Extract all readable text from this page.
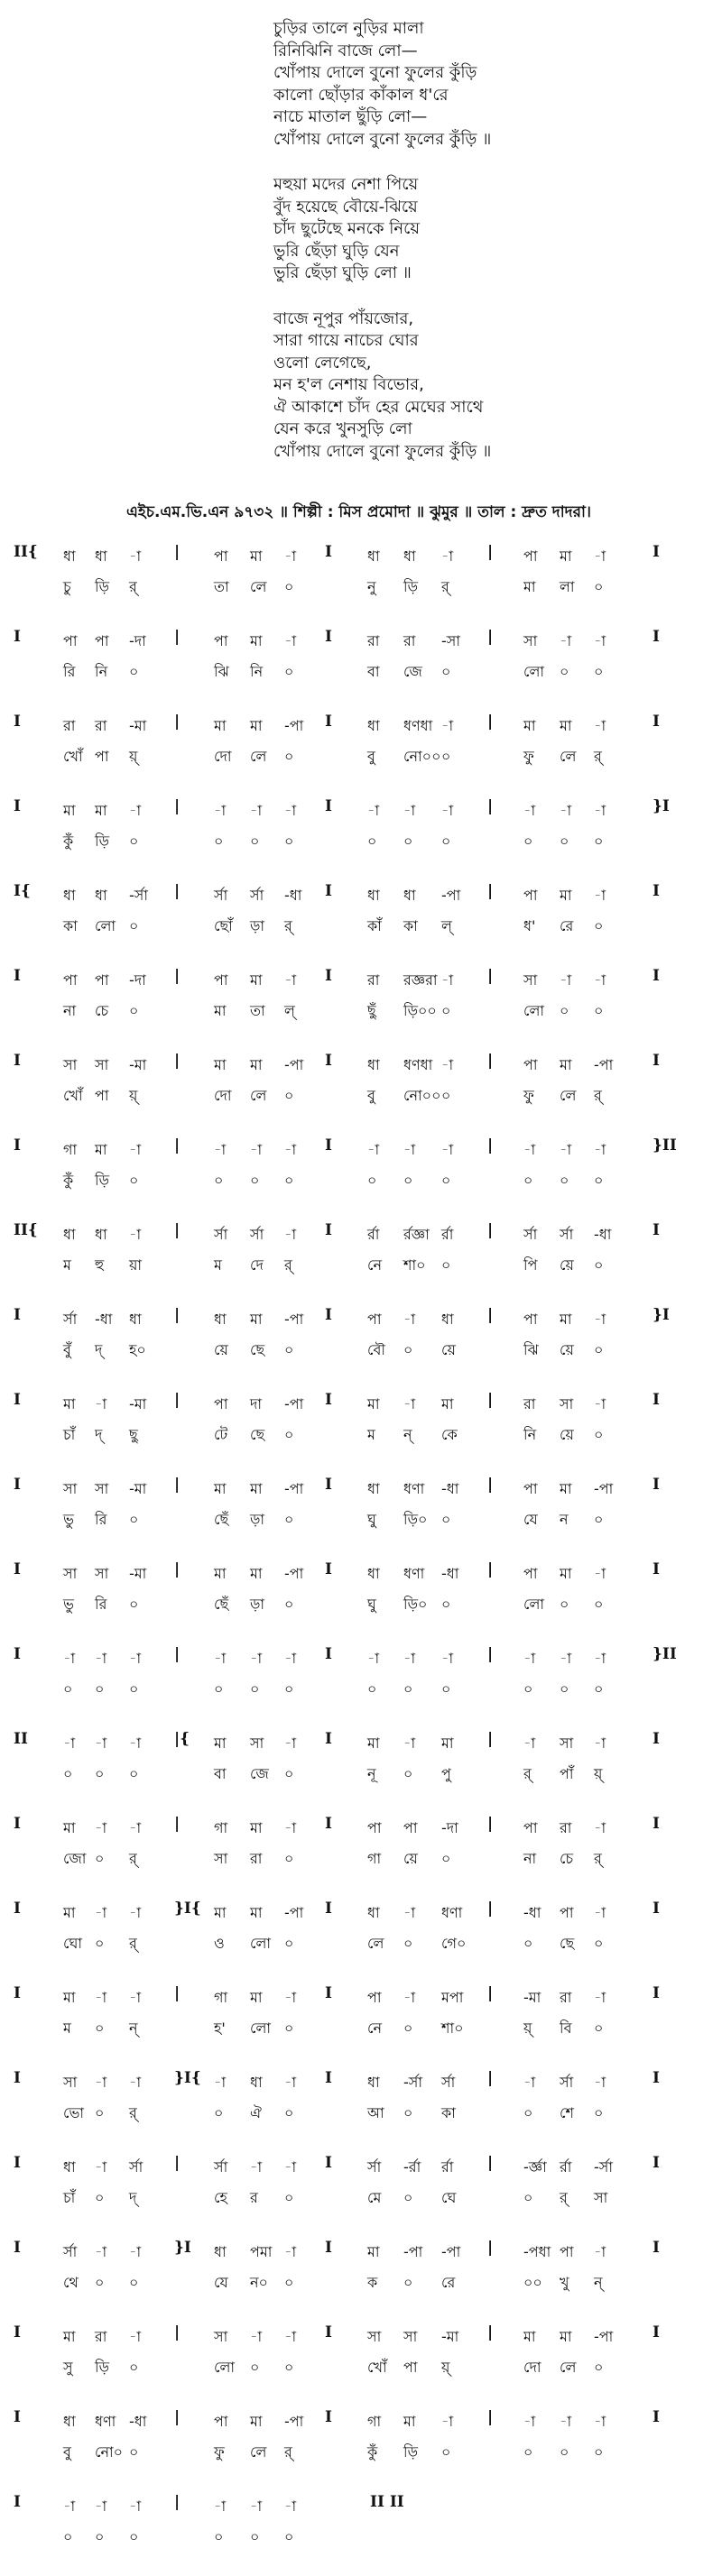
চুড়ির তালে নুড়ির মালা
রিনিঝিনি বাজে লো—
খোঁপায় দোলে বুনো ফুলের কুঁড়ি
কালো ছোঁড়ার কাঁকাল ধ'রে
নাচে মাতাল ছুঁড়ি লো—
খোঁপায় দোলে বুনো ফুলের কুঁড়ি ॥
মহুয়া মদের নেশা পিয়ে
বুঁদ হয়েছে বৌয়ে-ঝিয়ে
চাঁদ ছুটেছে মনকে নিয়ে
ভুরি ছেঁড়া ঘুড়ি যেন
ভুরি ছেঁড়া ঘুড়ি লো ॥
বাজে নূপুর পাঁয়জোর,
সারা গায়ে নাচের ঘোর
ওলো লেগেছে,
মন হ'ল নেশায় বিভোর,
ঐ আকাশে চাঁদ হের মেঘের সাথে
যেন করে খুনসুড়ি লো
খোঁপায় দোলে বুনো ফুলের কুঁড়ি ॥
এইচ.এম.ভি.এন ৯৭৩২ ॥ শিল্পী : মিস প্রমোদা ॥ ঝুমুর ॥ তাল : দ্রুত দাদরা।
II{ ধা ধা -া | পা মা -া I ধা ধা -া | পা মা -া	I
চু ড়ি র্	তা লে ০	নু ড়ি র্	মা লা ০
I	পা পা -দা | পা মা -া I রা রা -সা | সা -া -া	I
রি নি ০	ঝি নি ০	বা জে ০	লো ০ ০
I	রা রা -মা | মা মা -পা I ধা ধণধা -া | মা মা -া	I
খোঁ পা য়্	দো লে ০	বু নো০০ ০	ফু লে র্
I	মা মা -া | -া -া -া I -া -া -া | -া -া -া	}I
কুঁ ড়ি ০	০ ০ ০	০ ০ ০	০ ০ ০
I{ ধা ধা -র্সা | র্সা র্সা -ধা I ধা ধা -পা | পা মা -া	I
কা লো ০	ছোঁ ড়া র্	কাঁ কা ল্	ধ' রে ০
I	পা পা -দা | পা মা -া I রা রজ্ঞরা -া | সা -া -া	I
না চে ০	মা তা ল্	ছুঁ ড়ি০০ ০	লো ০ ০
I	সা সা -মা | মা মা -পা I ধা ধণধা -া | পা মা -পা	I
খোঁ পা য়্	দো লে ০	বু নো০০ ০	ফু লে র্
I	গা মা -া | -া -া -া I -া -া -া | -া -া -া	}II
কুঁ ড়ি ০	০ ০ ০	০ ০ ০	০ ০ ০
II{ ধা ধা -া | র্সা র্সা -া I র্রা র্রজ্ঞা র্রা | র্সা র্সা -ধা	I
ম হু য়া	ম দে র্	নে শা০ ০	পি য়ে ০
I	র্সা -ধা ধা | ধা মা -পা I পা -া ধা | পা মা -া	}I
বুঁ দ্ হ০	য়ে ছে ০	বৌ ০ য়ে	ঝি য়ে ০
I	মা -া -মা | পা দা -পা I মা -া মা | রা সা -া	I
চাঁ দ্ ছু	টে ছে ০	ম ন্ কে	নি য়ে ০
I	সা সা -মা | মা মা -পা I ধা ধণা -ধা | পা মা -পা	I
ভু রি ০	ছেঁ ড়া ০	ঘু ড়ি০ ০	যে ন ০
I	সা সা -মা | মা মা -পা I ধা ধণা -ধা | পা মা -া	I
ভু রি ০	ছেঁ ড়া ০	ঘু ড়ি০ ০	লো ০ ০
I	-া -া -া | -া -া -া I -া -া -া | -া -া -া	}II
০ ০ ০	০ ০ ০	০ ০ ০	০ ০ ০
II -া -া -া |{ মা সা -া I মা -া মা | -া সা -া	I
০ ০ ০	বা জে ০	নূ ০ পু	র্ পাঁ য়্
I	মা -া -া | গা মা -া I পা পা -দা | পা রা -া	I
জো ০ র্	সা রা ০	গা য়ে ০	না চে র্
I	মা -া -া }I{ মা মা -পা I ধা -া ধণা | -ধা পা -া	I
ঘো ০ র্	ও লো ০	লে ০ গে০	০ ছে ০
I	মা -া -া | গা মা -া I পা -া মপা | -মা রা -া	I
ম ০ ন্	হ' লো ০	নে ০ শা০	য়্ বি ০
I	সা -া -া }I{ -া ধা -া I ধা -র্সা র্সা | -া র্সা -া	I
ভো ০ র্	০ ঐ ০	আ ০ কা	০ শে ০
I	ধা -া র্সা | র্সা -া -া I র্সা -র্রা র্রা | -র্জ্ঞা র্রা -র্সা	I
চাঁ ০ দ্	হে র ০	মে ০ ঘে	০ র্ সা
I	র্সা -া -া }I ধা পমা -া I মা -পা -পা | -পধা পা -া	I
থে ০ ০	যে ন০ ০	ক ০ রে	০০ খু ন্
I	মা রা -া | সা -া -া I সা সা -মা | মা মা -পা	I
সু ড়ি ০	লো ০ ০	খোঁ পা য়্	দো লে ০
I	ধা ধণা -ধা | পা মা -পা I গা মা -া | -া -া -া	I
বু নো০ ০	ফু লে র্	কুঁ ড়ি ০	০ ০ ০
I	-া -া -া | -া -া -া	II II
০ ০ ০	০ ০ ০
